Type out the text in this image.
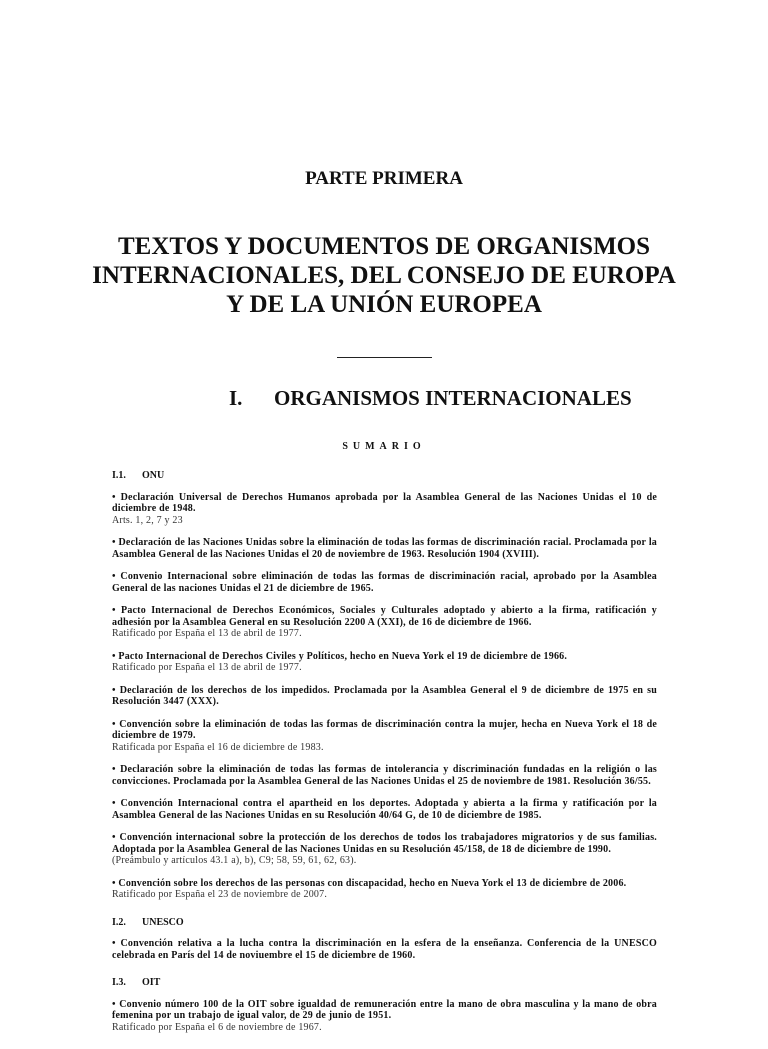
PARTE PRIMERA
TEXTOS Y DOCUMENTOS DE ORGANISMOS
INTERNACIONALES, DEL CONSEJO DE EUROPA
Y DE LA UNIÓN EUROPEA
I. ORGANISMOS INTERNACIONALES
SUMARIO
I.1. ONU
• Declaración Universal de Derechos Humanos aprobada por la Asamblea General de las Naciones Unidas el 10 de diciembre de 1948.
Arts. 1, 2, 7 y 23
• Declaración de las Naciones Unidas sobre la eliminación de todas las formas de discriminación racial. Proclamada por la Asamblea General de las Naciones Unidas el 20 de noviembre de 1963. Resolución 1904 (XVIII).
• Convenio Internacional sobre eliminación de todas las formas de discriminación racial, aprobado por la Asamblea General de las naciones Unidas el 21 de diciembre de 1965.
• Pacto Internacional de Derechos Económicos, Sociales y Culturales adoptado y abierto a la firma, ratificación y adhesión por la Asamblea General en su Resolución 2200 A (XXI), de 16 de diciembre de 1966.
Ratificado por España el 13 de abril de 1977.
• Pacto Internacional de Derechos Civiles y Políticos, hecho en Nueva York el 19 de diciembre de 1966.
Ratificado por España el 13 de abril de 1977.
• Declaración de los derechos de los impedidos. Proclamada por la Asamblea General el 9 de diciembre de 1975 en su Resolución 3447 (XXX).
• Convención sobre la eliminación de todas las formas de discriminación contra la mujer, hecha en Nueva York el 18 de diciembre de 1979.
Ratificada por España el 16 de diciembre de 1983.
• Declaración sobre la eliminación de todas las formas de intolerancia y discriminación fundadas en la religión o las convicciones. Proclamada por la Asamblea General de las Naciones Unidas el 25 de noviembre de 1981. Resolución 36/55.
• Convención Internacional contra el apartheid en los deportes. Adoptada y abierta a la firma y ratificación por la Asamblea General de las Naciones Unidas en su Resolución 40/64 G, de 10 de diciembre de 1985.
• Convención internacional sobre la protección de los derechos de todos los trabajadores migratorios y de sus familias. Adoptada por la Asamblea General de las Naciones Unidas en su Resolución 45/158, de 18 de diciembre de 1990.
(Preámbulo y artículos 43.1 a), b), C9; 58, 59, 61, 62, 63).
• Convención sobre los derechos de las personas con discapacidad, hecho en Nueva York el 13 de diciembre de 2006.
Ratificado por España el 23 de noviembre de 2007.
I.2. UNESCO
• Convención relativa a la lucha contra la discriminación en la esfera de la enseñanza. Conferencia de la UNESCO celebrada en París del 14 de noviuembre el 15 de diciembre de 1960.
I.3. OIT
• Convenio número 100 de la OIT sobre igualdad de remuneración entre la mano de obra masculina y la mano de obra femenina por un trabajo de igual valor, de 29 de junio de 1951.
Ratificado por España el 6 de noviembre de 1967.
